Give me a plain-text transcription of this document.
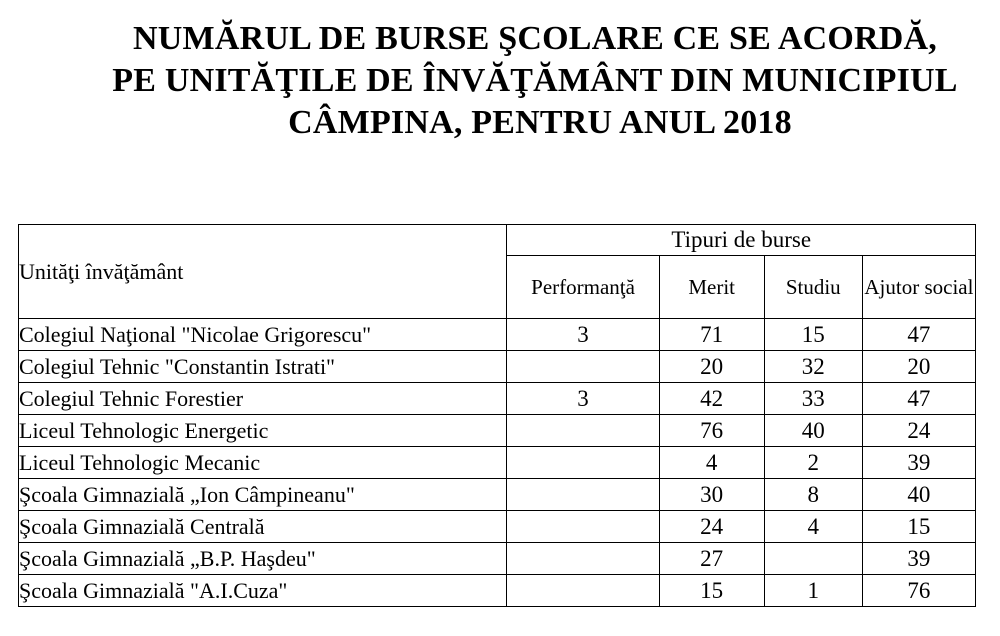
NUMĂRUL DE BURSE ŞCOLARE CE SE ACORDĂ,
PE UNITĂŢILE DE ÎNVĂŢĂMÂNT DIN MUNICIPIUL
CÂMPINA, PENTRU ANUL 2018
Unităţi învăţământ	Tipuri de burse			
	Performanţă	Merit	Studiu	Ajutor social
Colegiul Naţional "Nicolae Grigorescu"	3	71	15	47
Colegiul Tehnic "Constantin Istrati"		20	32	20
Colegiul Tehnic Forestier	3	42	33	47
Liceul Tehnologic Energetic		76	40	24
Liceul Tehnologic Mecanic		4	2	39
Şcoala Gimnazială „Ion Câmpineanu"		30	8	40
Şcoala Gimnazială Centrală		24	4	15
Şcoala Gimnazială „B.P. Haşdeu"		27		39
Şcoala Gimnazială "A.I.Cuza"		15	1	76
